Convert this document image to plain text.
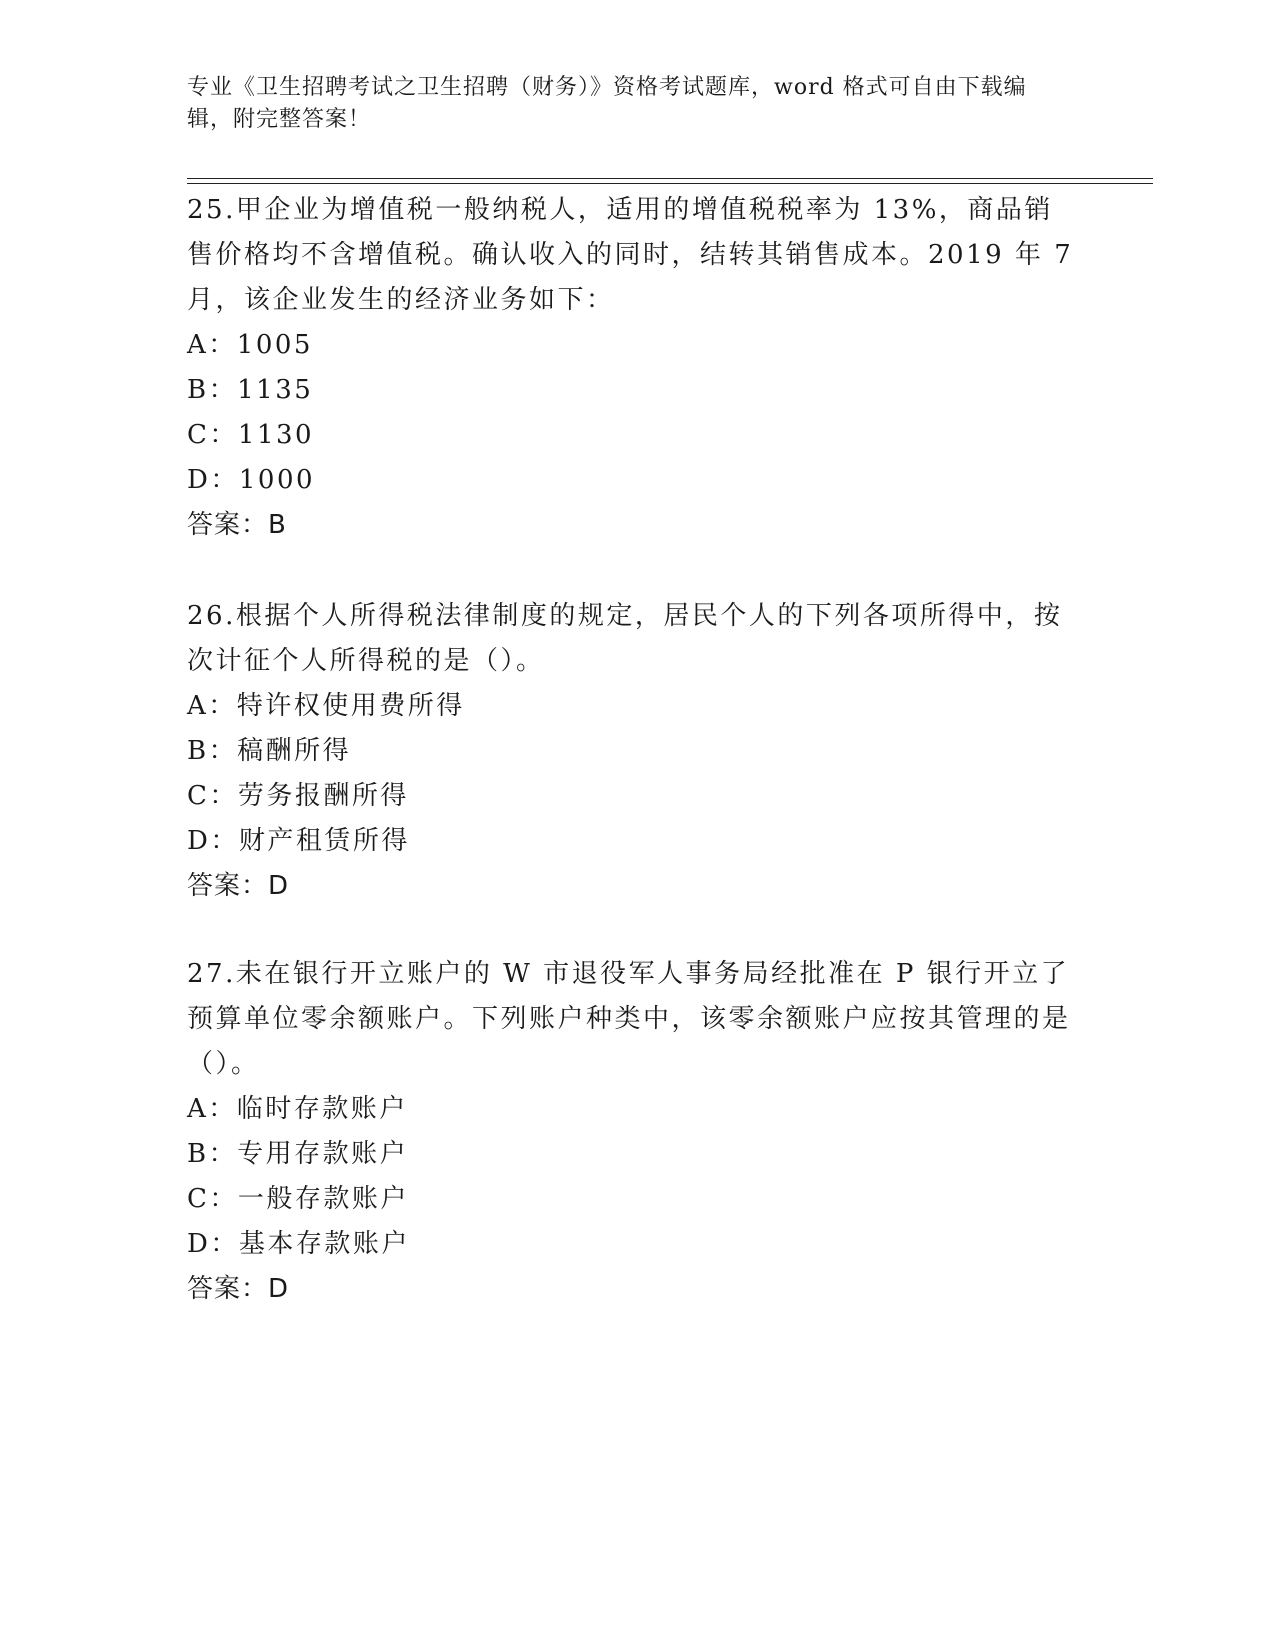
专业《卫生招聘考试之卫生招聘（财务）》资格考试题库，word 格式可自由下载编辑，附完整答案！

25.甲企业为增值税一般纳税人，适用的增值税税率为 13%，商品销售价格均不含增值税。确认收入的同时，结转其销售成本。2019 年 7 月，该企业发生的经济业务如下：

A：1005

B：1135

C：1130

D：1000

答案：B

26.根据个人所得税法律制度的规定，居民个人的下列各项所得中，按次计征个人所得税的是（）。

A：特许权使用费所得

B：稿酬所得

C：劳务报酬所得

D：财产租赁所得

答案：D

27.未在银行开立账户的 W 市退役军人事务局经批准在 P 银行开立了预算单位零余额账户。下列账户种类中，该零余额账户应按其管理的是（）。

A：临时存款账户

B：专用存款账户

C：一般存款账户

D：基本存款账户

答案：D
